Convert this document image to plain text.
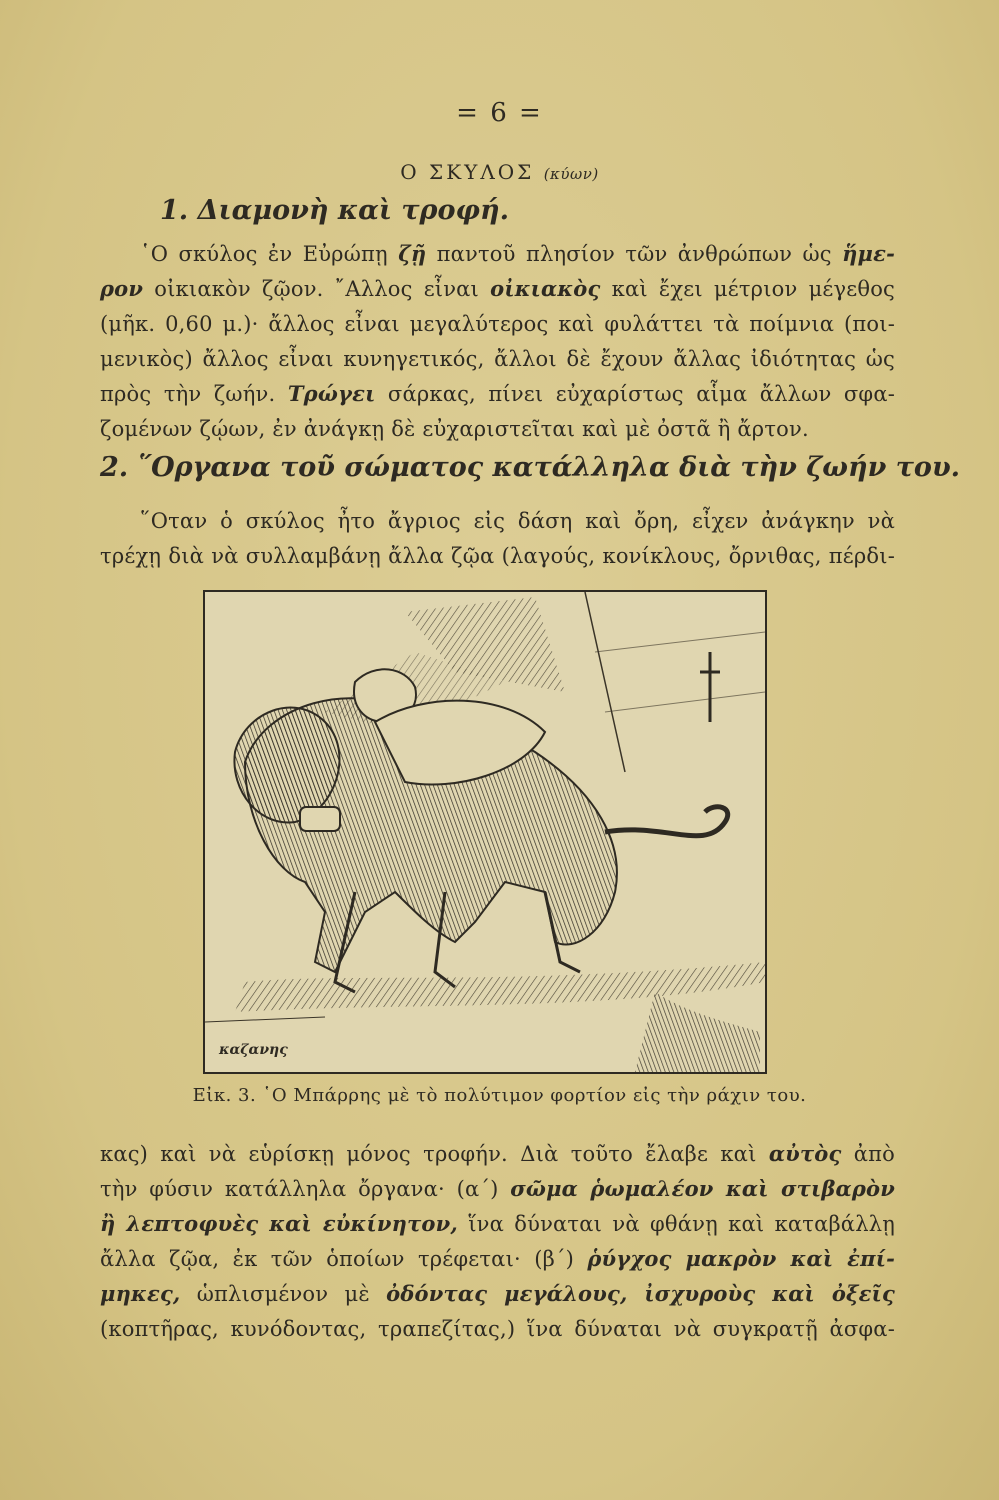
= 6 =
Ο ΣΚΥΛΟΣ (κύων)
1. Διαμονὴ καὶ τροφή.
῾Ο σκύλος ἐν Εὐρώπῃ ζῇ παντοῦ πλησίον τῶν ἀνθρώπων ὡς ἥμε-
ρον οἰκιακὸν ζῷον. ῎Αλλος εἶναι οἰκιακὸς καὶ ἔχει μέτριον μέγεθος
(μῆκ. 0,60 μ.)· ἄλλος εἶναι μεγαλύτερος καὶ φυλάττει τὰ ποίμνια (ποι-
μενικὸς) ἄλλος εἶναι κυνηγετικός, ἄλλοι δὲ ἔχουν ἄλλας ἰδιότητας ὡς
πρὸς τὴν ζωήν. Τρώγει σάρκας, πίνει εὐχαρίστως αἷμα ἄλλων σφα-
ζομένων ζῴων, ἐν ἀνάγκῃ δὲ εὐχαριστεῖται καὶ μὲ ὀστᾶ ἢ ἄρτον.
2. ῞Οργανα τοῦ σώματος κατάλληλα διὰ τὴν ζωήν του.
῞Οταν ὁ σκύλος ἦτο ἄγριος εἰς δάση καὶ ὄρη, εἶχεν ἀνάγκην νὰ
τρέχῃ διὰ νὰ συλλαμβάνῃ ἄλλα ζῷα (λαγούς, κονίκλους, ὄρνιθας, πέρδι-
καζανης
Εἰκ. 3. ῾Ο Μπάρρης μὲ τὸ πολύτιμον φορτίον εἰς τὴν ράχιν του.
κας) καὶ νὰ εὑρίσκῃ μόνος τροφήν. Διὰ τοῦτο ἔλαβε καὶ αὐτὸς ἀπὸ
τὴν φύσιν κατάλληλα ὄργανα· (α΄) σῶμα ῥωμαλέον καὶ στιβαρὸν
ἢ λεπτοφυὲς καὶ εὐκίνητον, ἵνα δύναται νὰ φθάνῃ καὶ καταβάλλῃ
ἄλλα ζῷα, ἐκ τῶν ὁποίων τρέφεται· (β΄) ῥύγχος μακρὸν καὶ ἐπί-
μηκες, ὡπλισμένον μὲ ὀδόντας μεγάλους, ἰσχυροὺς καὶ ὀξεῖς
(κοπτῆρας, κυνόδοντας, τραπεζίτας,) ἵνα δύναται νὰ συγκρατῇ ἀσφα-
